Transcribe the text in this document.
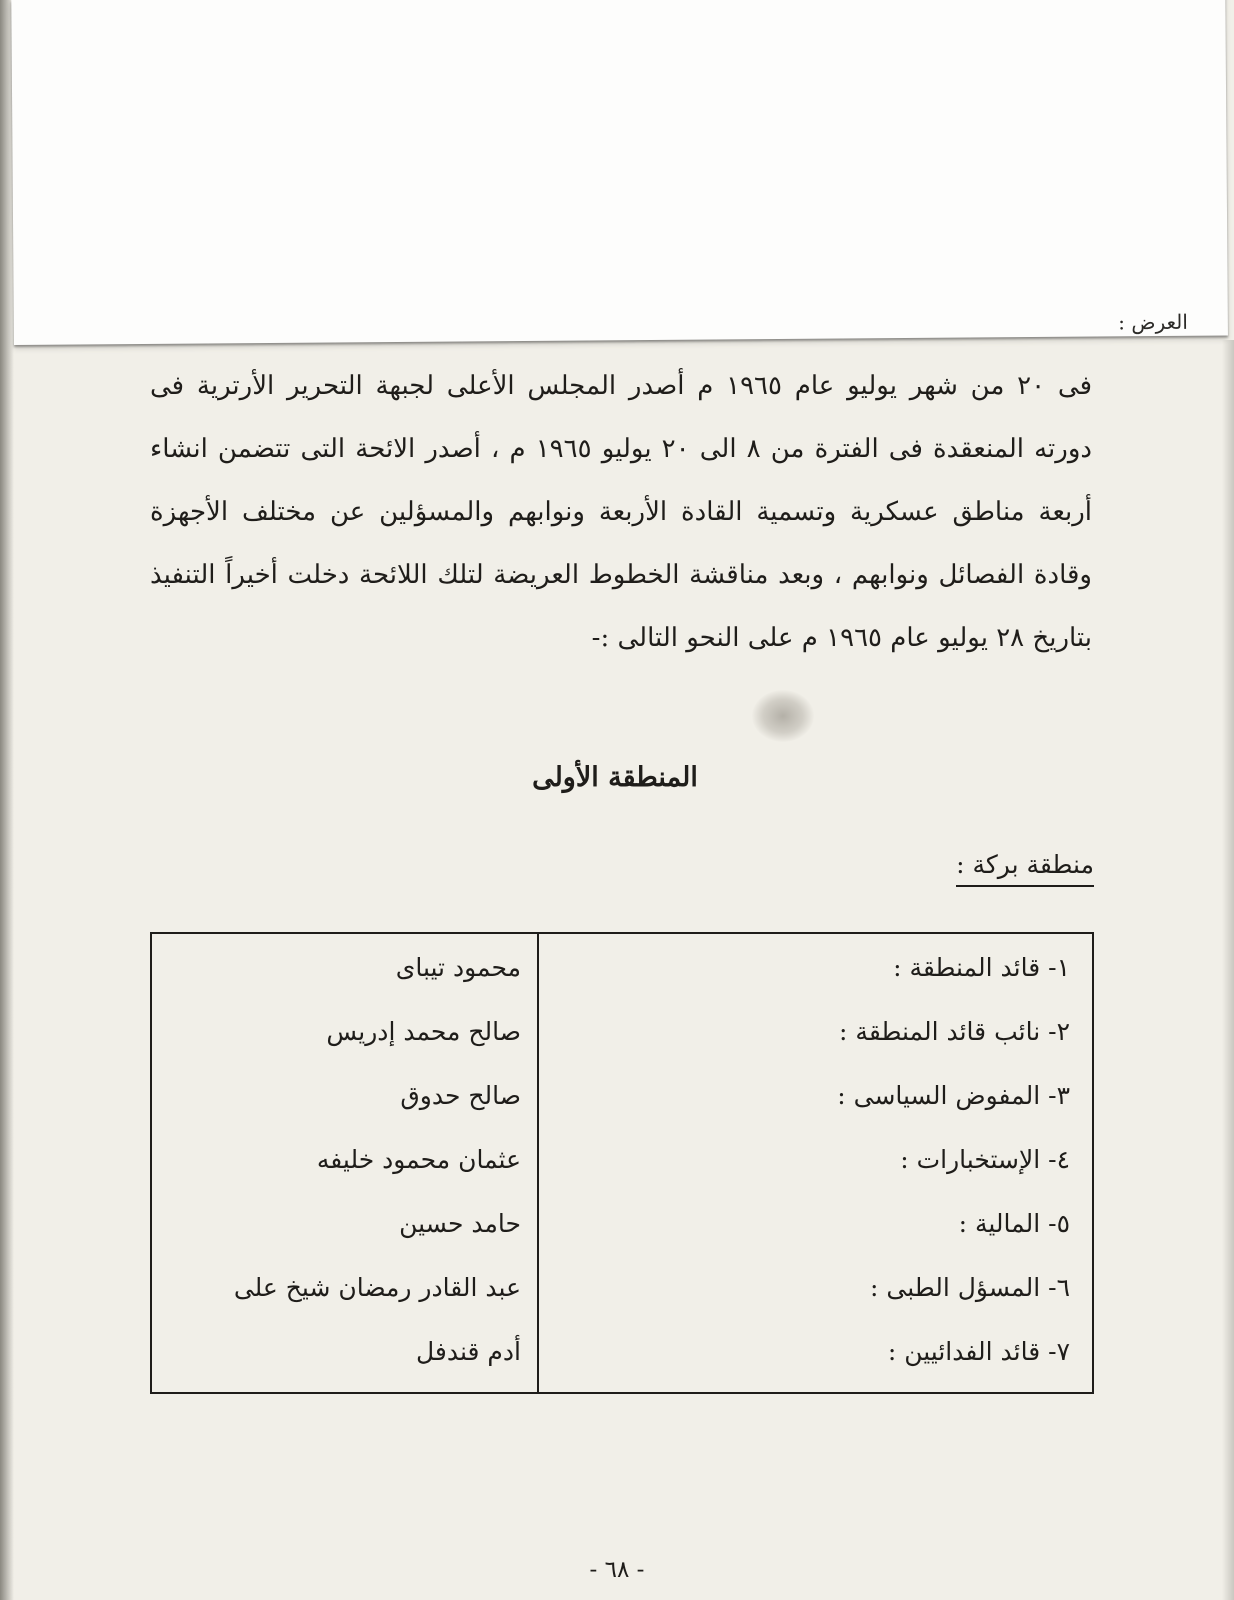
العرض :

فى ٢٠ من شهر يوليو عام ١٩٦٥ م أصدر المجلس الأعلى لجبهة التحرير الأرترية فى دورته المنعقدة فى الفترة من ٨ الى ٢٠ يوليو ١٩٦٥ م ، أصدر الائحة التى تتضمن انشاء أربعة مناطق عسكرية وتسمية القادة الأربعة ونوابهم والمسؤلين عن مختلف الأجهزة وقادة الفصائل ونوابهم ، وبعد مناقشة الخطوط العريضة لتلك اللائحة دخلت أخيراً التنفيذ بتاريخ ٢٨ يوليو عام ١٩٦٥ م على النحو التالى :-

المنطقة الأولى

منطقة بركة :

١- قائد المنطقة :
٢- نائب قائد المنطقة :
٣- المفوض السياسى :
٤- الإستخبارات :
٥- المالية :
٦- المسؤل الطبى :
٧- قائد الفدائيين :
محمود تيباى
صالح محمد إدريس
صالح حدوق
عثمان محمود خليفه
حامد حسين
عبد القادر رمضان شيخ على
أدم قندفل

- ٦٨ -
